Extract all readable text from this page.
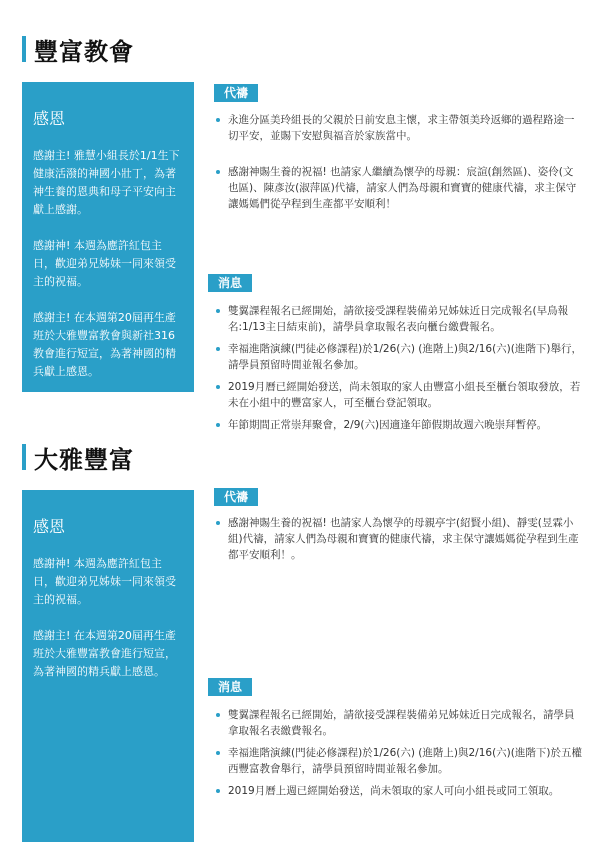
豐富教會
感恩

感謝主! 雅慧小組長於1/1生下健康活潑的神國小壯丁，為著神生養的恩典和母子平安向主獻上感謝。

感謝神! 本週為應許紅包主日，歡迎弟兄姊妹一同來領受主的祝福。

感謝主! 在本週第20屆再生產班於大雅豐富教會與新社316教會進行短宣，為著神國的精兵獻上感恩。

代禱
永進分區美玲組長的父親於日前安息主懷，求主帶領美玲返鄉的過程路途一切平安，並賜下安慰與福音於家族當中。
感謝神賜生養的祝福! 也請家人繼續為懷孕的母親：宸諠(創然區)、姿伶(文也區)、陳彥汝(淑萍區)代禱，請家人們為母親和寶寶的健康代禱，求主保守讓媽媽們從孕程到生產都平安順利！
消息
雙翼課程報名已經開始，請欲接受課程裝備弟兄姊妹近日完成報名(早鳥報名:1/13主日結束前)，請學員拿取報名表向櫃台繳費報名。
幸福進階演練(門徒必修課程)於1/26(六) (進階上)與2/16(六)(進階下)舉行，請學員預留時間並報名參加。
2019月曆已經開始發送，尚未領取的家人由豐富小組長至櫃台領取發放，若 未在小組中的豐富家人，可至櫃台登記領取。
年節期間正常崇拜聚會，2/9(六)因適逢年節假期故週六晚崇拜暫停。
大雅豐富
感恩

感謝神! 本週為應許紅包主日，歡迎弟兄姊妹一同來領受主的祝福。

感謝主! 在本週第20屆再生產班於大雅豐富教會進行短宣，為著神國的精兵獻上感恩。

代禱
感謝神賜生養的祝福! 也請家人為懷孕的母親亭宇(紹賢小組)、靜雯(昱霖小組)代禱，請家人們為母親和寶寶的健康代禱，求主保守讓媽媽從孕程到生產都平安順利！。
消息
雙翼課程報名已經開始，請欲接受課程裝備弟兄姊妹近日完成報名，請學員拿取報名表繳費報名。
幸福進階演練(門徒必修課程)於1/26(六) (進階上)與2/16(六)(進階下)於五權西豐富教會舉行，請學員預留時間並報名參加。
2019月曆上週已經開始發送，尚未領取的家人可向小組長或同工領取。
